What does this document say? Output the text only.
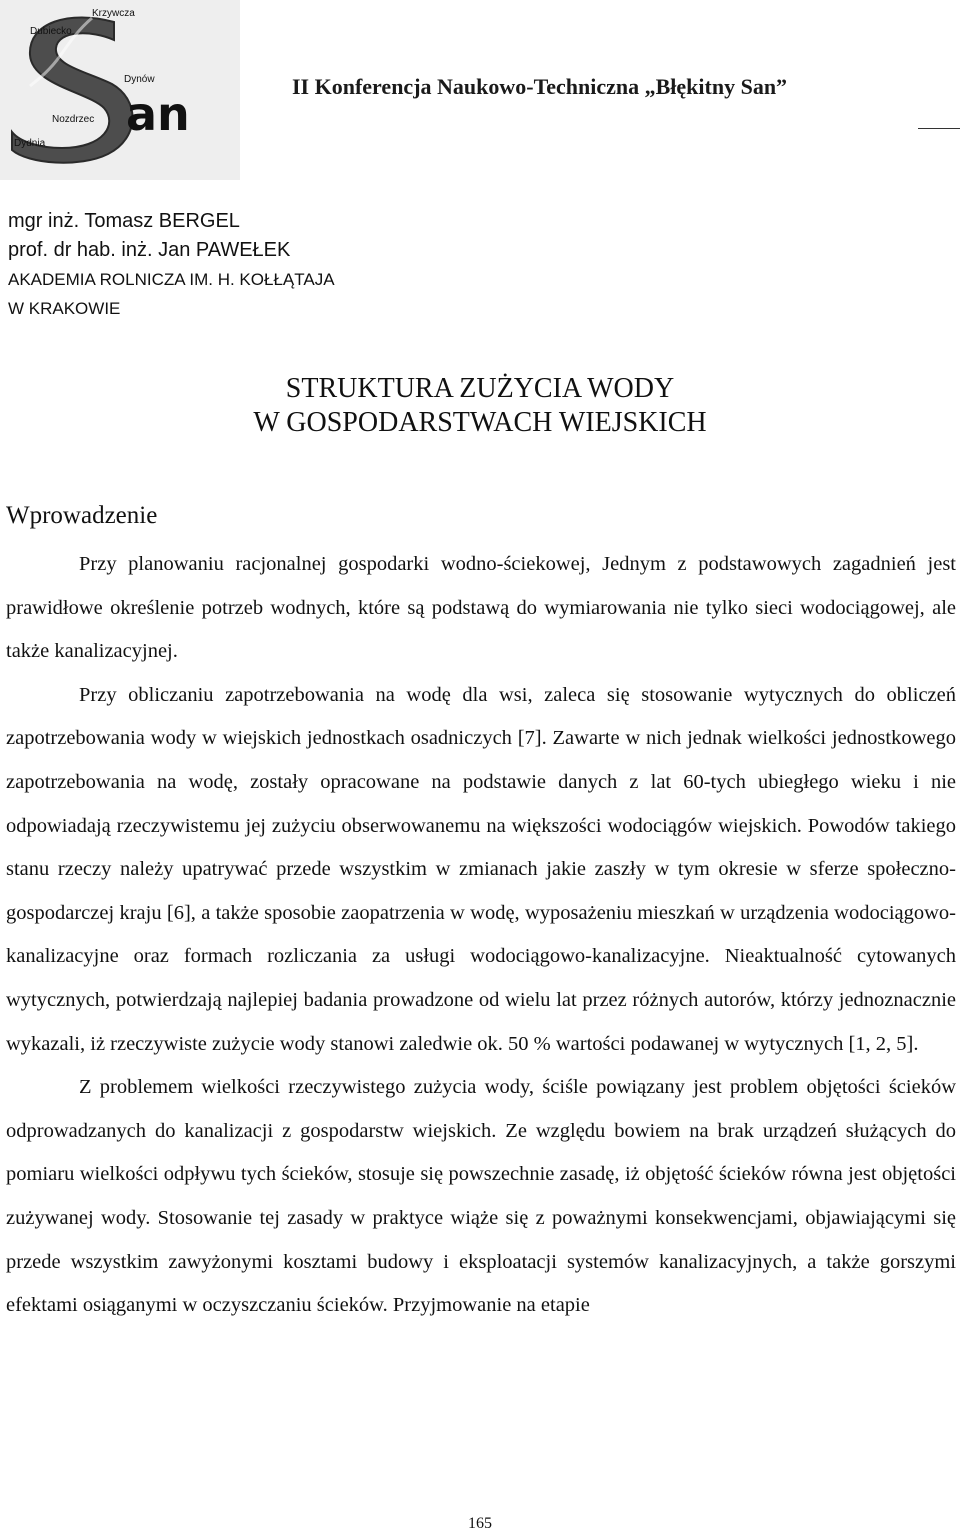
Krzywcza
Dubiecko
Dynów
Nozdrzec
Dydnia
an
II Konferencja Naukowo-Techniczna „Błękitny San”
mgr inż. Tomasz BERGEL
prof. dr hab. inż. Jan PAWEŁEK
AKADEMIA ROLNICZA IM. H. KOŁŁĄTAJA
W KRAKOWIE
STRUKTURA ZUŻYCIA WODY
W GOSPODARSTWACH WIEJSKICH
Wprowadzenie

Przy planowaniu racjonalnej gospodarki wodno-ściekowej, Jednym z podstawowych zagadnień jest prawidłowe określenie potrzeb wodnych, które są podstawą do wymiarowania nie tylko sieci wodociągowej, ale także kanalizacyjnej.

Przy obliczaniu zapotrzebowania na wodę dla wsi, zaleca się stosowanie wytycznych do obliczeń zapotrzebowania wody w wiejskich jednostkach osadniczych [7]. Zawarte w nich jednak wielkości jednostkowego zapotrzebowania na wodę, zostały opracowane na podstawie danych z lat 60-tych ubiegłego wieku i nie odpowiadają rzeczywistemu jej zużyciu obserwowanemu na większości wodociągów wiejskich. Powodów takiego stanu rzeczy należy upatrywać przede wszystkim w zmianach jakie zaszły w tym okresie w sferze społeczno-gospodarczej kraju [6], a także sposobie zaopatrzenia w wodę, wyposażeniu mieszkań w urządzenia wodociągowo-kanalizacyjne oraz formach rozliczania za usługi wodociągowo-kanalizacyjne. Nieaktualność cytowanych wytycznych, potwierdzają najlepiej badania prowadzone od wielu lat przez różnych autorów, którzy jednoznacznie wykazali, iż rzeczywiste zużycie wody stanowi zaledwie ok. 50 % wartości podawanej w wytycznych [1, 2, 5].

Z problemem wielkości rzeczywistego zużycia wody, ściśle powiązany jest problem objętości ścieków odprowadzanych do kanalizacji z gospodarstw wiejskich. Ze względu bowiem na brak urządzeń służących do pomiaru wielkości odpływu tych ścieków, stosuje się powszechnie zasadę, iż objętość ścieków równa jest objętości zużywanej wody. Stosowanie tej zasady w praktyce wiąże się z poważnymi konsekwencjami, objawiającymi się przede wszystkim zawyżonymi kosztami budowy i eksploatacji systemów kanalizacyjnych, a także gorszymi efektami osiąganymi w oczyszczaniu ścieków. Przyjmowanie na etapie

165
